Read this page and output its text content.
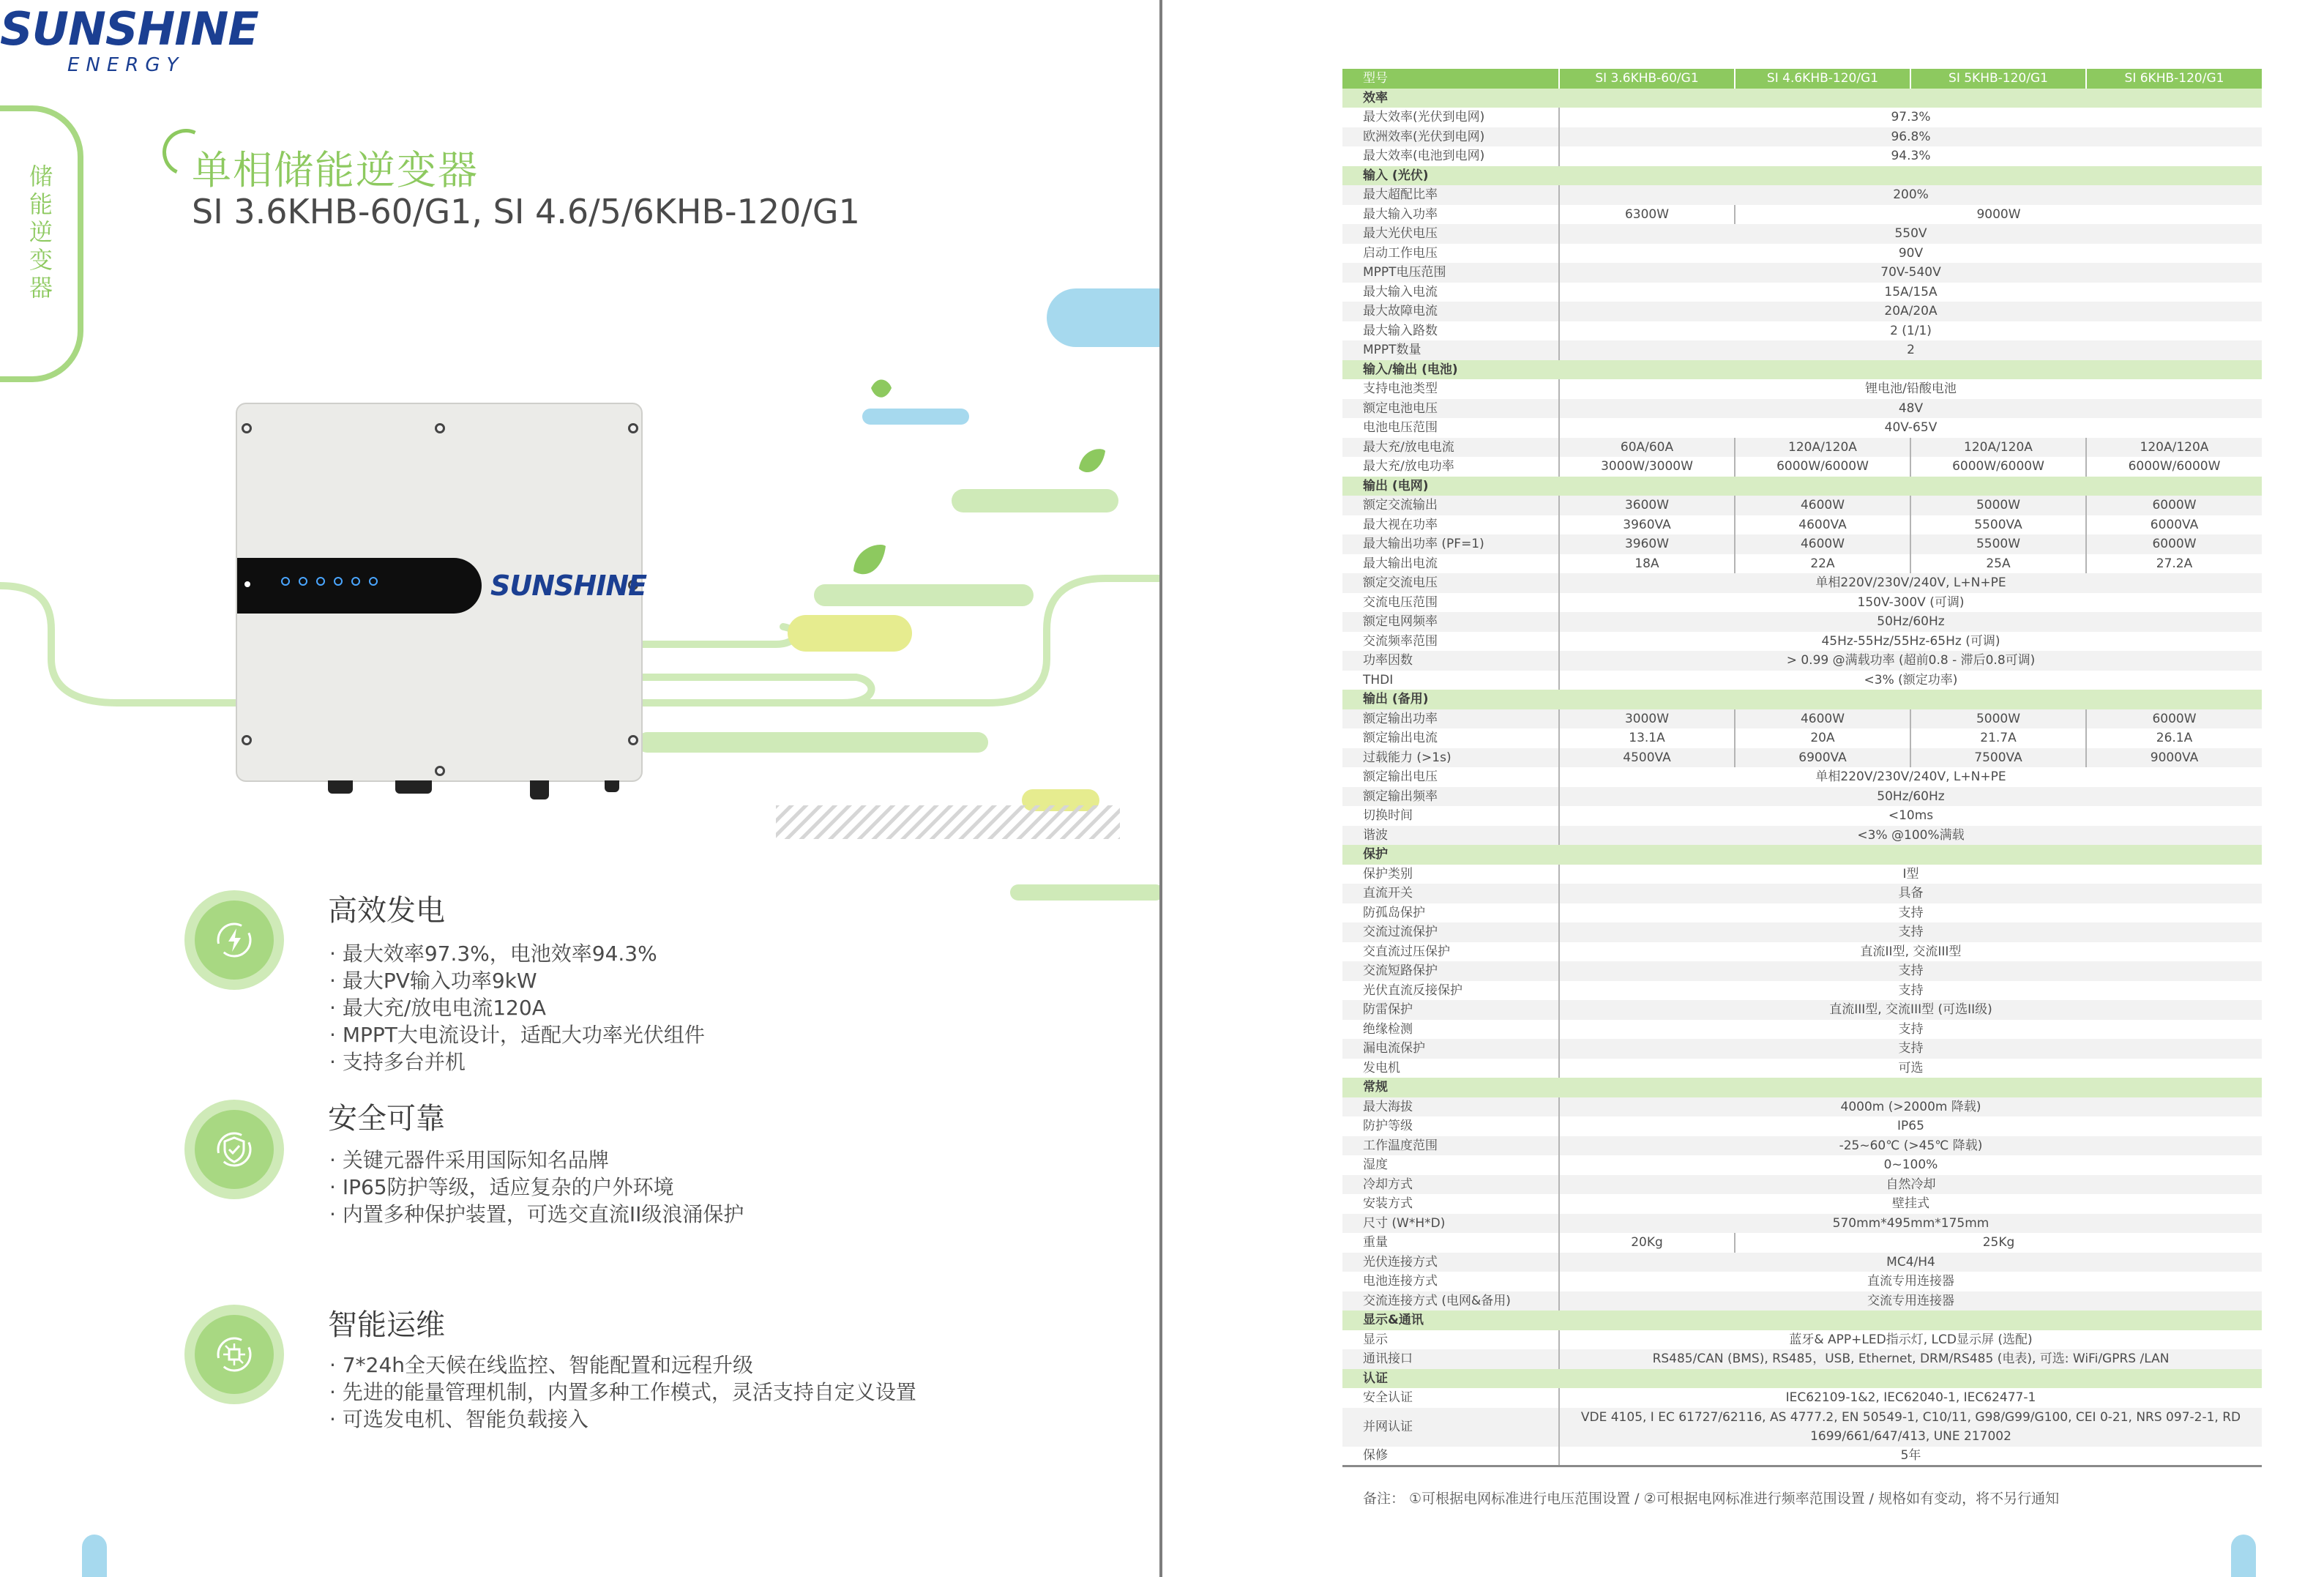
SUNSHINE
ENERGY
储能逆变器
单相储能逆变器
SI 3.6KHB-60/G1, SI 4.6/5/6KHB-120/G1
SUNSHINE
高效发电
· 最大效率97.3%，电池效率94.3%
· 最大PV输入功率9kW
· 最大充/放电电流120A
· MPPT大电流设计，适配大功率光伏组件
· 支持多台并机
安全可靠
· 关键元器件采用国际知名品牌
· IP65防护等级，适应复杂的户外环境
· 内置多种保护装置，可选交直流II级浪涌保护
智能运维
· 7*24h全天候在线监控、智能配置和远程升级
· 先进的能量管理机制，内置多种工作模式，灵活支持自定义设置
· 可选发电机、智能负载接入
型号	SI 3.6KHB-60/G1	SI 4.6KHB-120/G1	SI 5KHB-120/G1	SI 6KHB-120/G1
效率				
最大效率(光伏到电网)	97.3%			
欧洲效率(光伏到电网)	96.8%			
最大效率(电池到电网)	94.3%			
输入 (光伏)				
最大超配比率	200%			
最大输入功率	6300W	9000W		
最大光伏电压	550V			
启动工作电压	90V			
MPPT电压范围	70V-540V			
最大输入电流	15A/15A			
最大故障电流	20A/20A			
最大输入路数	2 (1/1)			
MPPT数量	2			
输入/输出 (电池)				
支持电池类型	锂电池/铅酸电池			
额定电池电压	48V			
电池电压范围	40V-65V			
最大充/放电电流	60A/60A	120A/120A	120A/120A	120A/120A
最大充/放电功率	3000W/3000W	6000W/6000W	6000W/6000W	6000W/6000W
输出 (电网)				
额定交流输出	3600W	4600W	5000W	6000W
最大视在功率	3960VA	4600VA	5500VA	6000VA
最大输出功率 (PF=1)	3960W	4600W	5500W	6000W
最大输出电流	18A	22A	25A	27.2A
额定交流电压	单相220V/230V/240V, L+N+PE			
交流电压范围	150V-300V (可调)			
额定电网频率	50Hz/60Hz			
交流频率范围	45Hz-55Hz/55Hz-65Hz (可调)			
功率因数	> 0.99 @满载功率 (超前0.8 - 滞后0.8可调)			
THDI	<3% (额定功率)			
输出 (备用)				
额定输出功率	3000W	4600W	5000W	6000W
额定输出电流	13.1A	20A	21.7A	26.1A
过载能力 (>1s)	4500VA	6900VA	7500VA	9000VA
额定输出电压	单相220V/230V/240V, L+N+PE			
额定输出频率	50Hz/60Hz			
切换时间	<10ms			
谐波	<3% @100%满载			
保护				
保护类别	I型			
直流开关	具备			
防孤岛保护	支持			
交流过流保护	支持			
交直流过压保护	直流II型, 交流III型			
交流短路保护	支持			
光伏直流反接保护	支持			
防雷保护	直流III型, 交流III型 (可选II级)			
绝缘检测	支持			
漏电流保护	支持			
发电机	可选			
常规				
最大海拔	4000m (>2000m 降载)			
防护等级	IP65			
工作温度范围	-25~60℃ (>45℃ 降载)			
湿度	0~100%			
冷却方式	自然冷却			
安装方式	壁挂式			
尺寸 (W*H*D)	570mm*495mm*175mm			
重量	20Kg	25Kg		
光伏连接方式	MC4/H4			
电池连接方式	直流专用连接器			
交流连接方式 (电网&备用)	交流专用连接器			
显示&通讯				
显示	蓝牙& APP+LED指示灯, LCD显示屏 (选配)			
通讯接口	RS485/CAN (BMS), RS485，USB, Ethernet, DRM/RS485 (电表), 可选: WiFi/GPRS /LAN			
认证				
安全认证	IEC62109-1&2, IEC62040-1, IEC62477-1			
并网认证	VDE 4105, I EC 61727/62116, AS 4777.2, EN 50549-1, C10/11, G98/G99/G100, CEI 0-21, NRS 097-2-1, RD 1699/661/647/413, UNE 217002			
保修	5年			
备注： ①可根据电网标准进行电压范围设置 / ②可根据电网标准进行频率范围设置 / 规格如有变动，将不另行通知
